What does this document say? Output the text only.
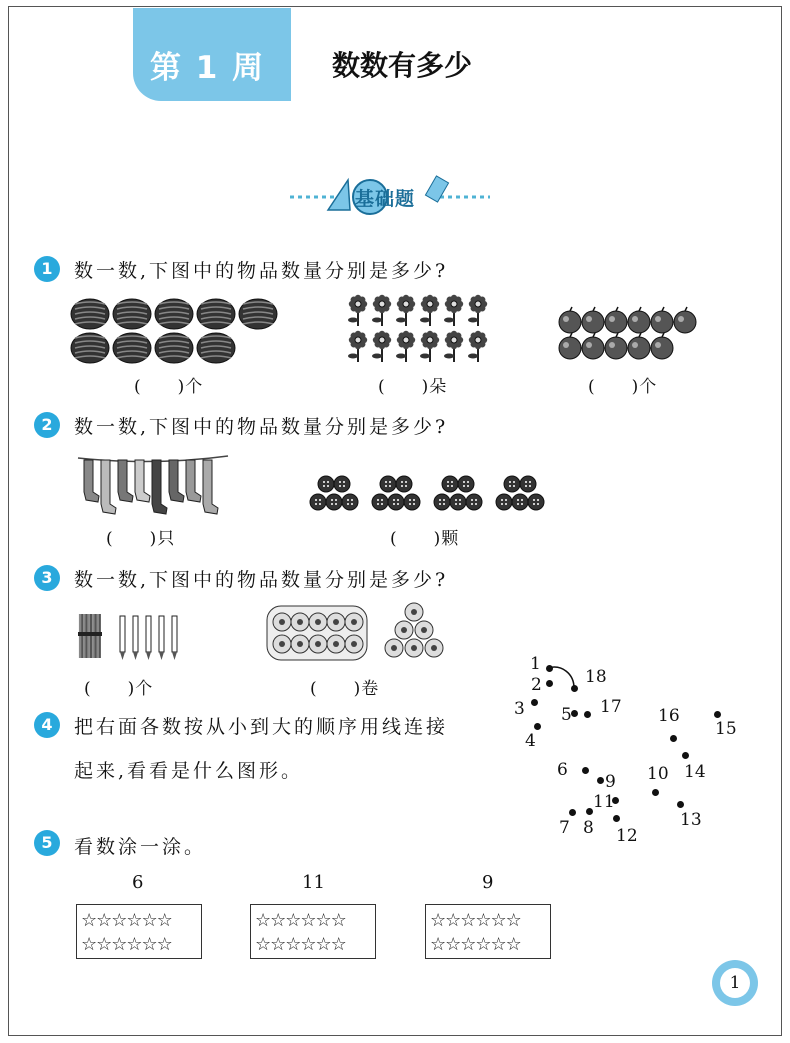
第 1 周 数数有多少
基础题
1	数一数,下图中的物品数量分别是多少?
(　　)个	(　　)朵	(　　)个
2	数一数,下图中的物品数量分别是多少?
(　　)只	(　　)颗
3	数一数,下图中的物品数量分别是多少?
(　　)个	(　　)卷
4	把右面各数按从小到大的顺序用线连接
起来,看看是什么图形。
1
2
3
4
5
6
7 8
9 10
11
12
13
14
15
16
17
18
5	看数涂一涂。
6	11	9
☆☆☆☆☆☆
☆☆☆☆☆☆
☆☆☆☆☆☆
☆☆☆☆☆☆
☆☆☆☆☆☆
☆☆☆☆☆☆
1
